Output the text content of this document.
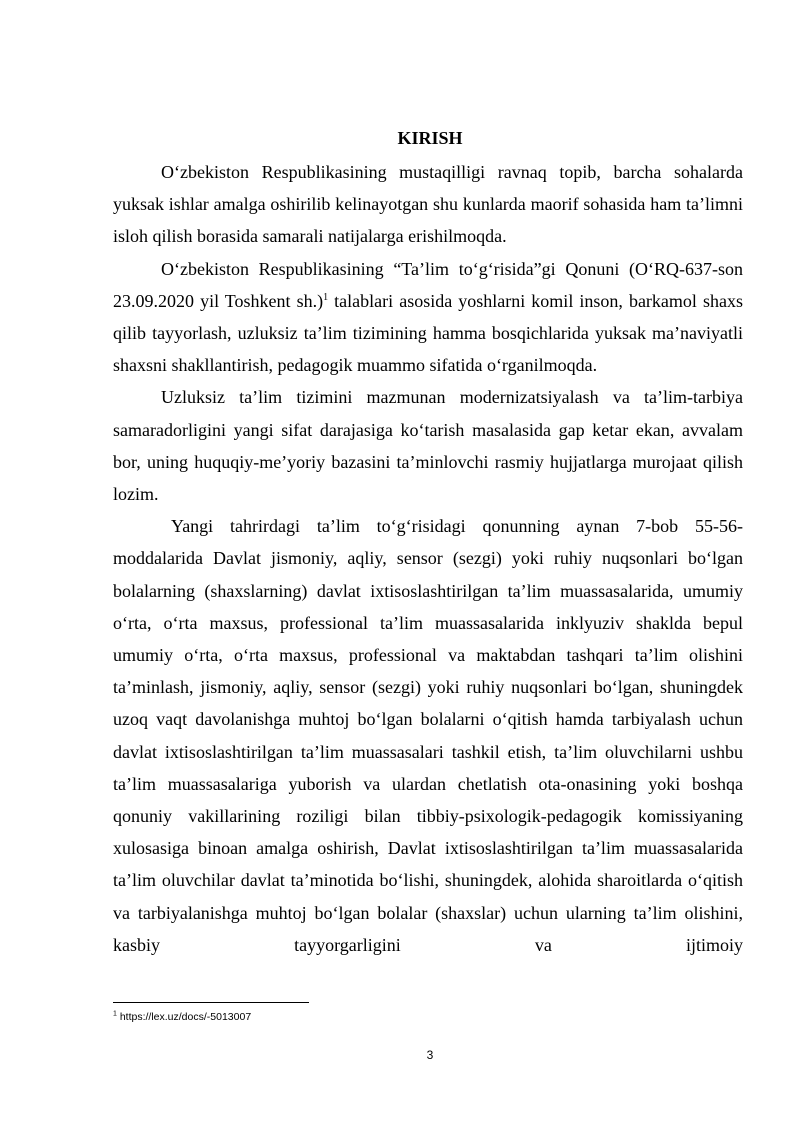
KIRISH

O‘zbekiston Respublikasining mustaqilligi ravnaq topib, barcha sohalarda yuksak ishlar amalga oshirilib kelinayotgan shu kunlarda maorif sohasida ham ta’limni isloh qilish borasida samarali natijalarga erishilmoqda.

O‘zbekiston Respublikasining “Ta’lim to‘g‘risida”gi Qonuni (O‘RQ-637-son 23.09.2020 yil Toshkent sh.)$^1$ talablari asosida yoshlarni komil inson, barkamol shaxs qilib tayyorlash, uzluksiz ta’lim tizimining hamma bosqichlarida yuksak ma’naviyatli shaxsni shakllantirish, pedagogik muammo sifatida o‘rganilmoqda.

Uzluksiz ta’lim tizimini mazmunan modernizatsiyalash va ta’lim-tarbiya samaradorligini yangi sifat darajasiga ko‘tarish masalasida gap ketar ekan, avvalam bor, uning huquqiy-me’yoriy bazasini ta’minlovchi rasmiy hujjatlarga murojaat qilish lozim.

Yangi tahrirdagi ta’lim to‘g‘risidagi qonunning aynan 7-bob 55-56-moddalarida Davlat jismoniy, aqliy, sensor (sezgi) yoki ruhiy nuqsonlari bo‘lgan bolalarning (shaxslarning) davlat ixtisoslashtirilgan ta’lim muassasalarida, umumiy o‘rta, o‘rta maxsus, professional ta’lim muassasalarida inklyuziv shaklda bepul umumiy o‘rta, o‘rta maxsus, professional va maktabdan tashqari ta’lim olishini ta’minlash, jismoniy, aqliy, sensor (sezgi) yoki ruhiy nuqsonlari bo‘lgan, shuningdek uzoq vaqt davolanishga muhtoj bo‘lgan bolalarni o‘qitish hamda tarbiyalash uchun davlat ixtisoslashtirilgan ta’lim muassasalari tashkil etish, ta’lim oluvchilarni ushbu ta’lim muassasalariga yuborish va ulardan chetlatish ota-onasining yoki boshqa qonuniy vakillarining roziligi bilan tibbiy-psixologik-pedagogik komissiyaning xulosasiga binoan amalga oshirish, Davlat ixtisoslashtirilgan ta’lim muassasalarida ta’lim oluvchilar davlat ta’minotida bo‘lishi, shuningdek, alohida sharoitlarda o‘qitish va tarbiyalanishga muhtoj bo‘lgan bolalar (shaxslar) uchun ularning ta’lim olishini, kasbiy tayyorgarligini va ijtimoiy

$^1$ https://lex.uz/docs/-5013007
3
